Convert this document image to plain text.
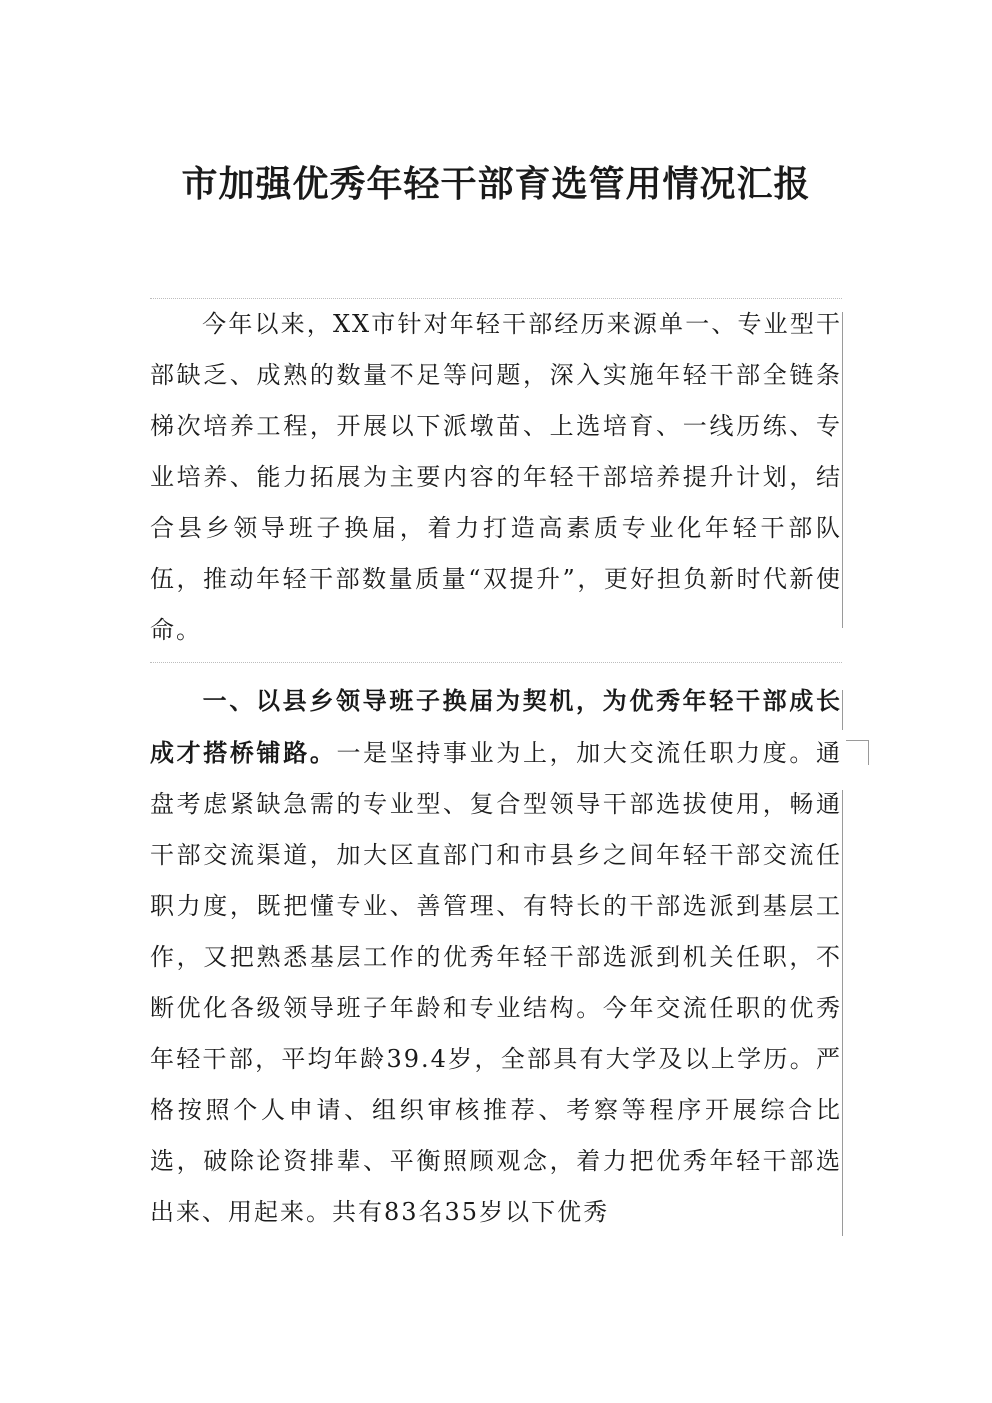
市加强优秀年轻干部育选管用情况汇报
今年以来，XX市针对年轻干部经历来源单一、专业型干部缺乏、成熟的数量不足等问题，深入实施年轻干部全链条梯次培养工程，开展以下派墩苗、上选培育、一线历练、专业培养、能力拓展为主要内容的年轻干部培养提升计划，结合县乡领导班子换届，着力打造高素质专业化年轻干部队伍，推动年轻干部数量质量“双提升”，更好担负新时代新使命。
一、以县乡领导班子换届为契机，为优秀年轻干部成长成才搭桥铺路。一是坚持事业为上，加大交流任职力度。通盘考虑紧缺急需的专业型、复合型领导干部选拔使用，畅通干部交流渠道，加大区直部门和市县乡之间年轻干部交流任职力度，既把懂专业、善管理、有特长的干部选派到基层工作，又把熟悉基层工作的优秀年轻干部选派到机关任职，不断优化各级领导班子年龄和专业结构。今年交流任职的优秀年轻干部，平均年龄39.4岁，全部具有大学及以上学历。严格按照个人申请、组织审核推荐、考察等程序开展综合比选，破除论资排辈、平衡照顾观念，着力把优秀年轻干部选出来、用起来。共有83名35岁以下优秀
